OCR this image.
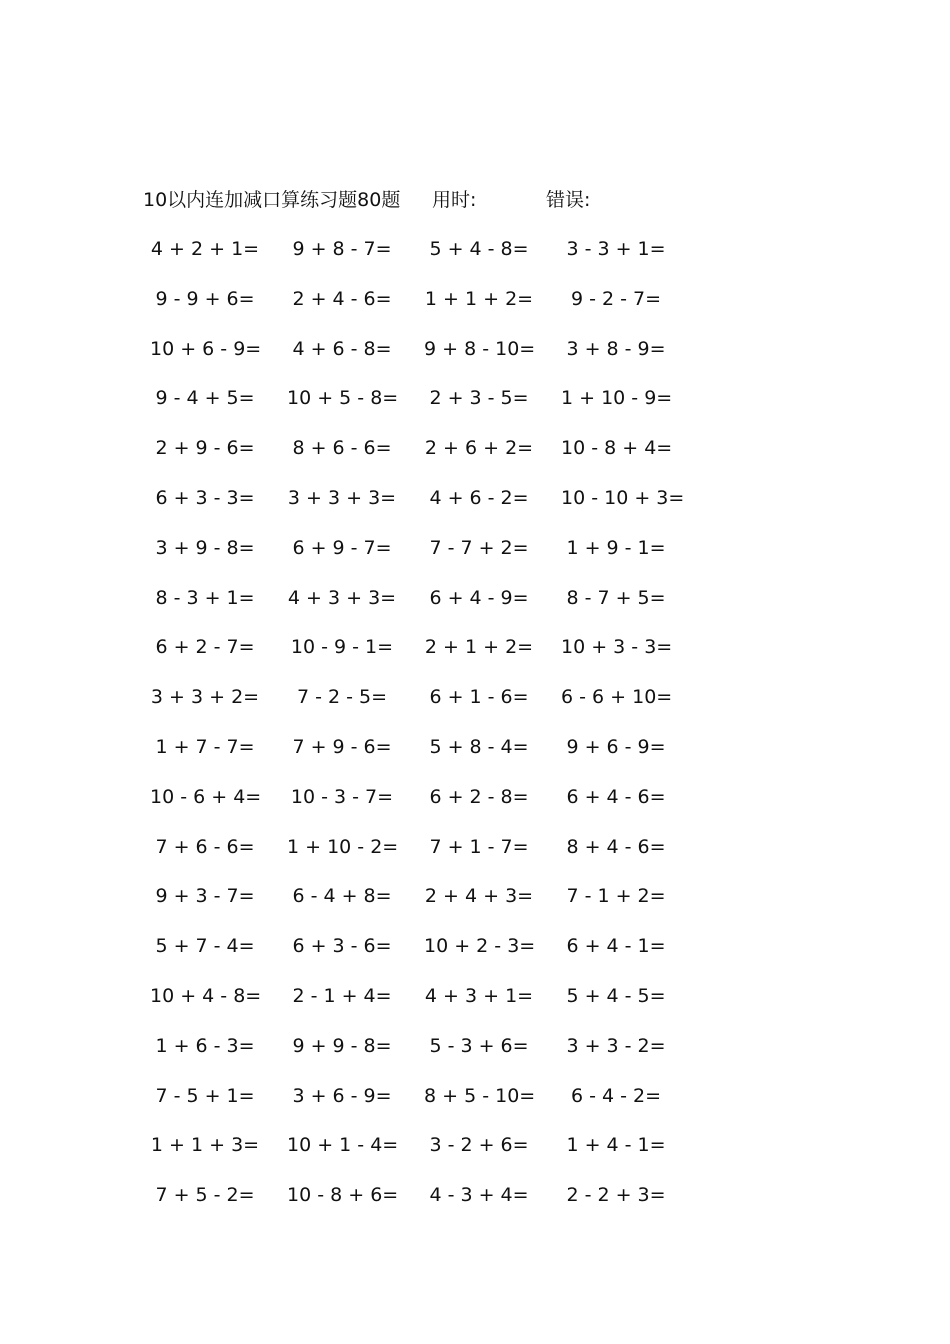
10以内连加减口算练习题80题 用时:	错误:
4 + 2 + 1= 9 + 8 - 7= 5 + 4 - 8= 3 - 3 + 1=
9 - 9 + 6= 2 + 4 - 6= 1 + 1 + 2=	9 - 2 - 7=
10 + 6 - 9= 4 + 6 - 8= 9 + 8 - 10= 3 + 8 - 9=
9 - 4 + 5= 10 + 5 - 8= 2 + 3 - 5= 1 + 10 - 9=
2 + 9 - 6= 8 + 6 - 6= 2 + 6 + 2= 10 - 8 + 4=
6 + 3 - 3= 3 + 3 + 3= 4 + 6 - 2= 10 - 10 + 3=
3 + 9 - 8= 6 + 9 - 7= 7 - 7 + 2= 1 + 9 - 1=
8 - 3 + 1= 4 + 3 + 3= 6 + 4 - 9= 8 - 7 + 5=
6 + 2 - 7= 10 - 9 - 1= 2 + 1 + 2= 10 + 3 - 3=
3 + 3 + 2=	7 - 2 - 5=	6 + 1 - 6= 6 - 6 + 10=
1 + 7 - 7= 7 + 9 - 6= 5 + 8 - 4= 9 + 6 - 9=
10 - 6 + 4= 10 - 3 - 7= 6 + 2 - 8= 6 + 4 - 6=
7 + 6 - 6= 1 + 10 - 2= 7 + 1 - 7= 8 + 4 - 6=
9 + 3 - 7= 6 - 4 + 8= 2 + 4 + 3= 7 - 1 + 2=
5 + 7 - 4= 6 + 3 - 6= 10 + 2 - 3= 6 + 4 - 1=
10 + 4 - 8= 2 - 1 + 4= 4 + 3 + 1= 5 + 4 - 5=
1 + 6 - 3= 9 + 9 - 8= 5 - 3 + 6= 3 + 3 - 2=
7 - 5 + 1= 3 + 6 - 9= 8 + 5 - 10=	6 - 4 - 2=
1 + 1 + 3= 10 + 1 - 4= 3 - 2 + 6= 1 + 4 - 1=
7 + 5 - 2= 10 - 8 + 6= 4 - 3 + 4= 2 - 2 + 3=
